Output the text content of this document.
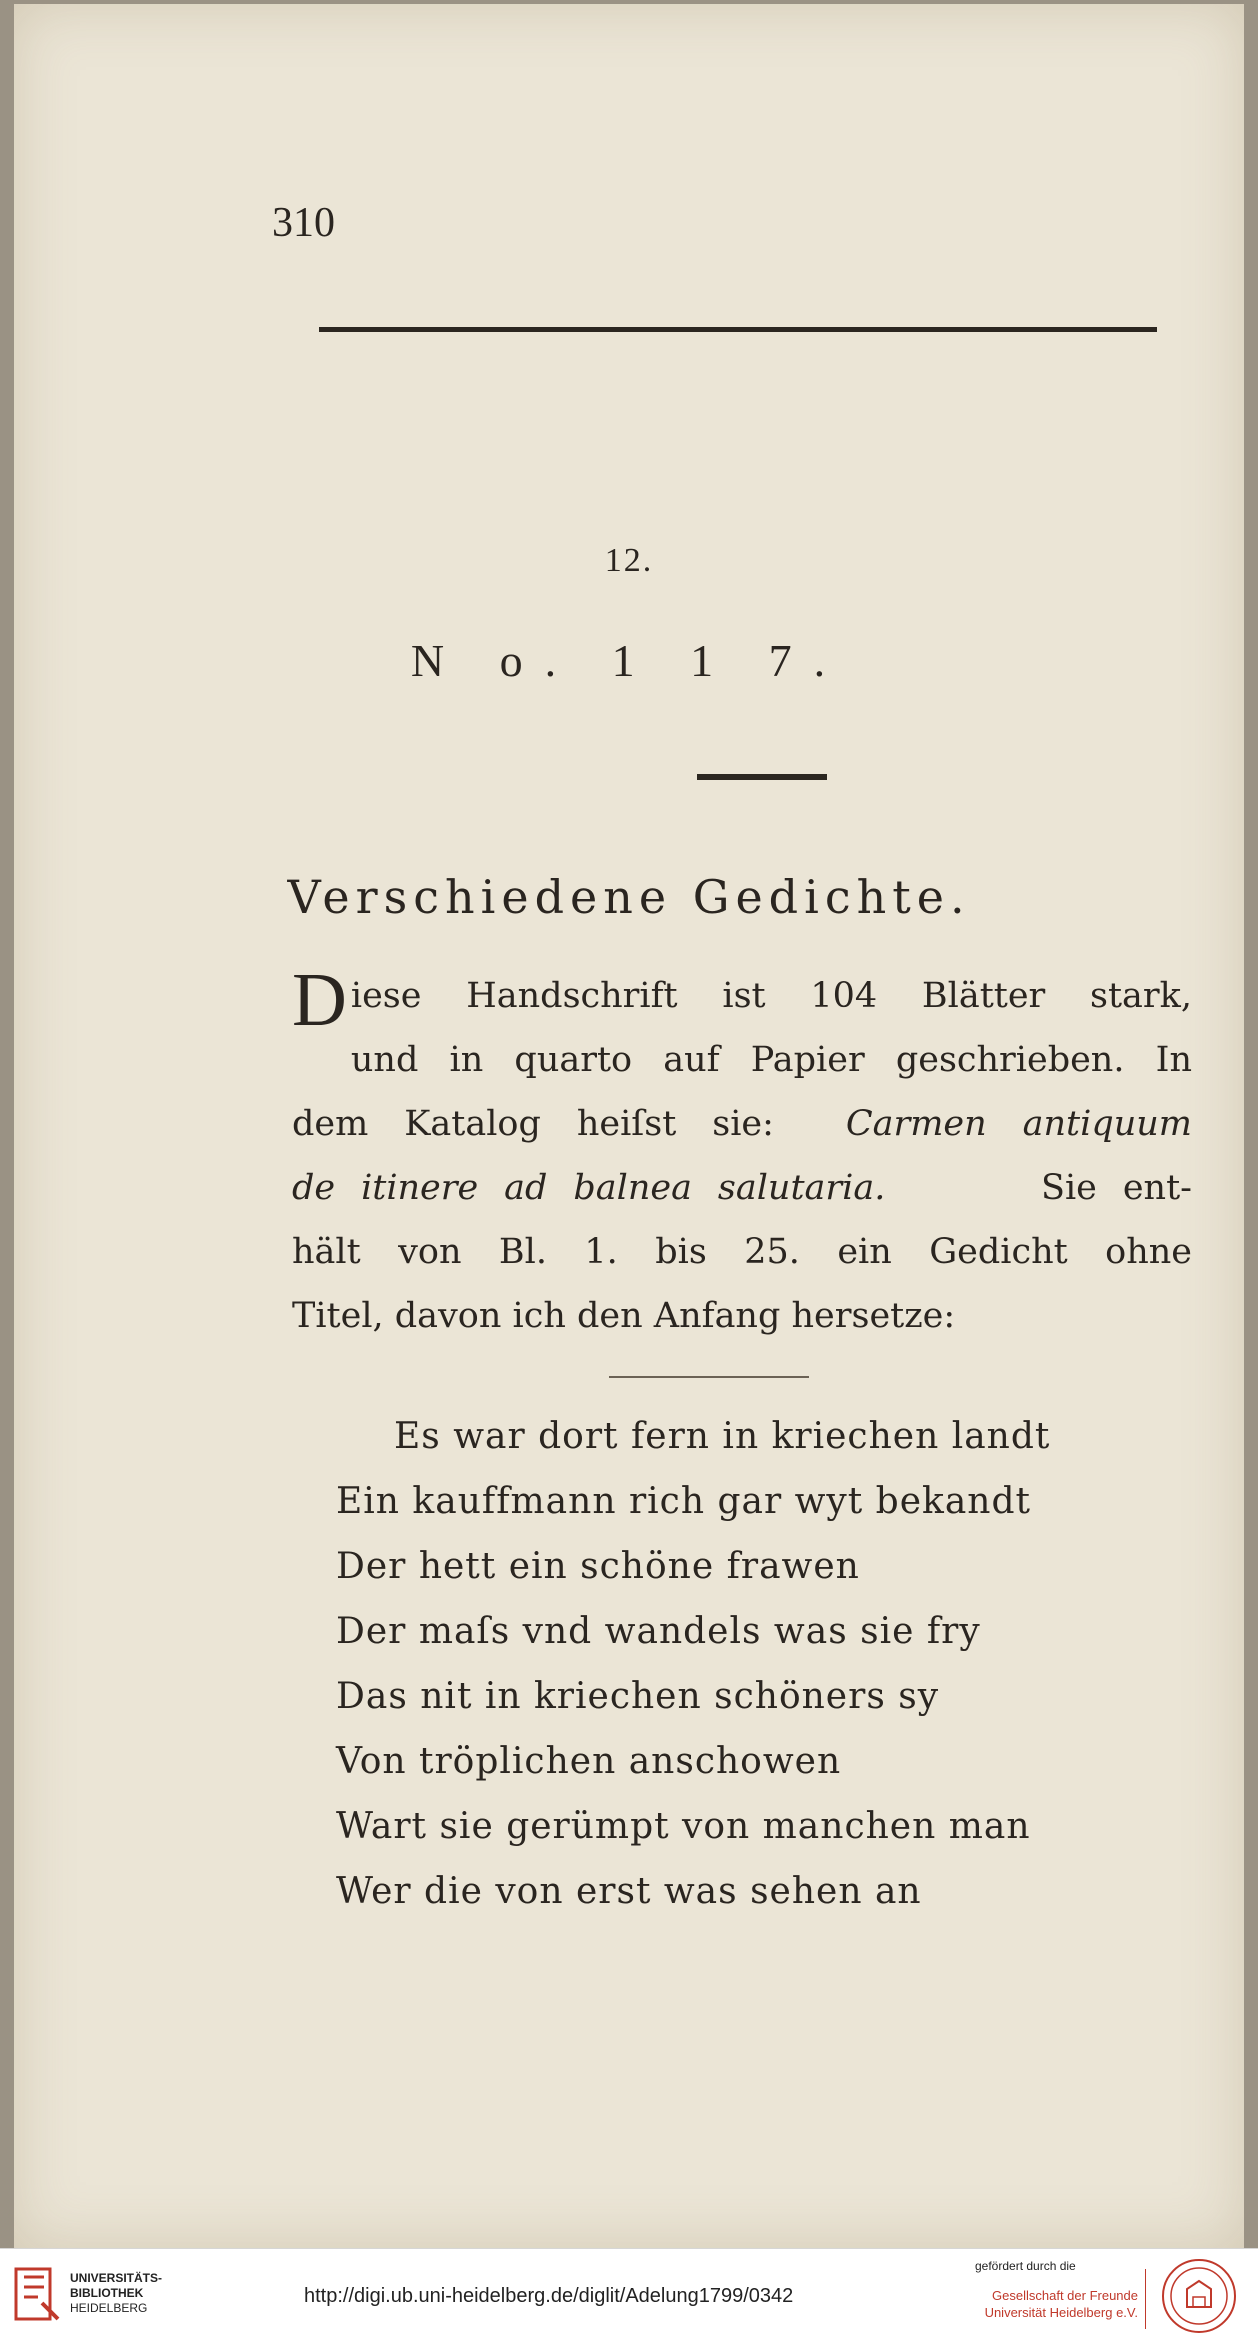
310
12.
N o. 1 1 7.
Verschiedene Gedichte.
D iese Handschrift ist 104 Blätter stark,
und in quarto auf Papier geschrieben. In
dem Katalog heiſst sie: Carmen antiquum
de itinere ad balnea salutaria.	Sie ent-
hält von Bl. 1. bis 25. ein Gedicht ohne
Titel, davon ich den Anfang hersetze:
Es war dort fern in kriechen landt
Ein kauffmann rich gar wyt bekandt
Der hett ein schöne frawen
Der maſs vnd wandels was sie fry
Das nit in kriechen schöners sy
Von tröplichen anschowen
Wart sie gerümpt von manchen man
Wer die von erst was sehen an
UNIVERSITÄTS-
BIBLIOTHEK
HEIDELBERG
http://digi.ub.uni-heidelberg.de/diglit/Adelung1799/0342
gefördert durch die
Gesellschaft der Freunde
Universität Heidelberg e.V.
